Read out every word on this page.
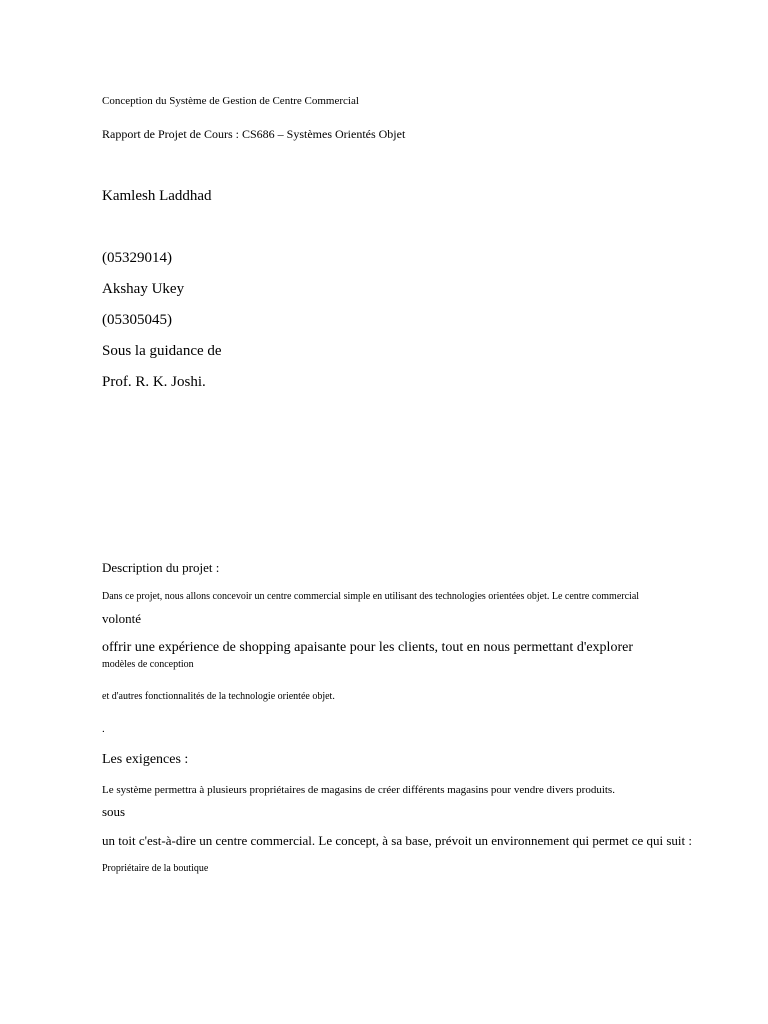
Conception du Système de Gestion de Centre Commercial
Rapport de Projet de Cours : CS686 – Systèmes Orientés Objet
Kamlesh Laddhad
(05329014)
Akshay Ukey
(05305045)
Sous la guidance de
Prof. R. K. Joshi.
Description du projet :
Dans ce projet, nous allons concevoir un centre commercial simple en utilisant des technologies orientées objet. Le centre commercial
volonté
offrir une expérience de shopping apaisante pour les clients, tout en nous permettant d'explorer
modèles de conception
et d'autres fonctionnalités de la technologie orientée objet.
.
Les exigences :
Le système permettra à plusieurs propriétaires de magasins de créer différents magasins pour vendre divers produits.
sous
un toit c'est-à-dire un centre commercial. Le concept, à sa base, prévoit un environnement qui permet ce qui suit :
Propriétaire de la boutique
